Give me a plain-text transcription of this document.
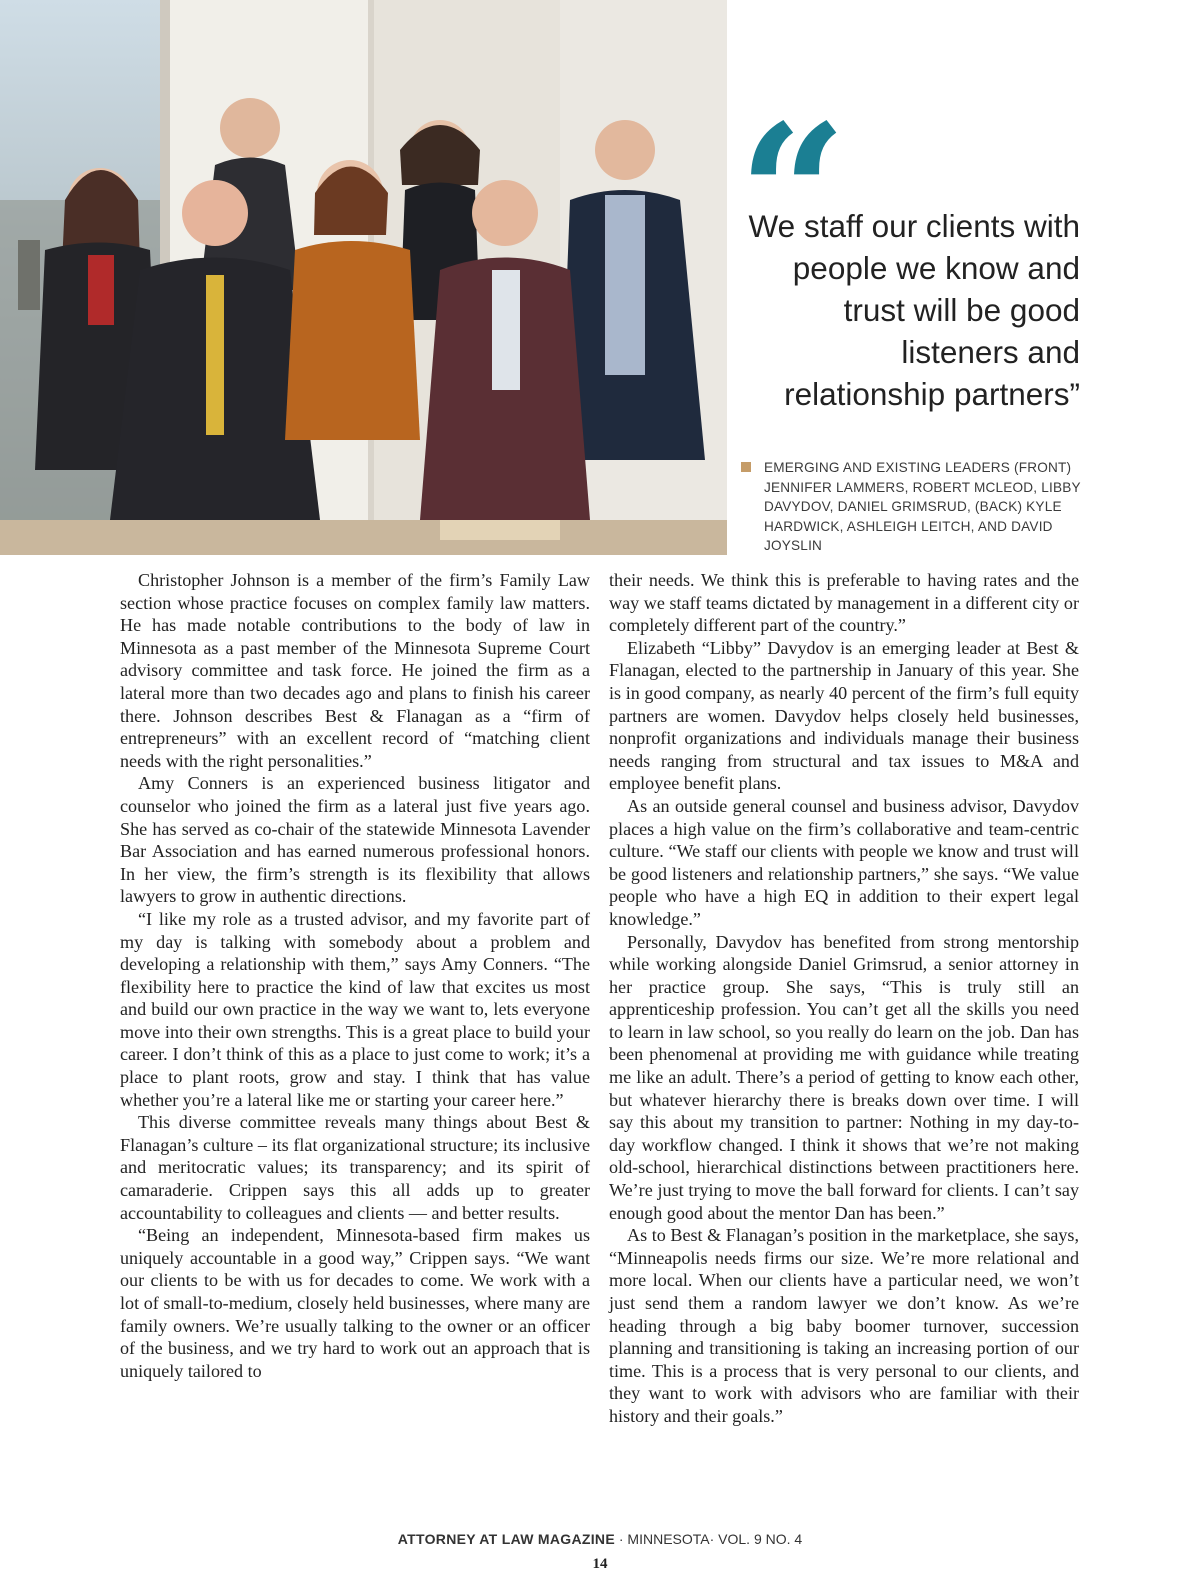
“
We staff our clients with people we know and trust will be good listeners and relationship partners”
EMERGING AND EXISTING LEADERS (FRONT) JENNIFER LAMMERS, ROBERT MCLEOD, LIBBY DAVYDOV, DANIEL GRIMSRUD, (BACK) KYLE HARDWICK, ASHLEIGH LEITCH, AND DAVID JOYSLIN

Christopher Johnson is a member of the firm’s Family Law section whose practice focuses on complex family law matters. He has made notable contributions to the body of law in Minnesota as a past member of the Minnesota Supreme Court advisory committee and task force. He joined the firm as a lateral more than two decades ago and plans to finish his career there. Johnson describes Best & Flanagan as a “firm of entrepreneurs” with an excellent record of “matching client needs with the right personalities.”

Amy Conners is an experienced business litigator and counselor who joined the firm as a lateral just five years ago. She has served as co-chair of the statewide Minnesota Lavender Bar Association and has earned numerous professional honors. In her view, the firm’s strength is its flexibility that allows lawyers to grow in authentic directions.

“I like my role as a trusted advisor, and my favorite part of my day is talking with somebody about a problem and developing a relationship with them,” says Amy Conners. “The flexibility here to practice the kind of law that excites us most and build our own practice in the way we want to, lets everyone move into their own strengths. This is a great place to build your career. I don’t think of this as a place to just come to work; it’s a place to plant roots, grow and stay. I think that has value whether you’re a lateral like me or starting your career here.”

This diverse committee reveals many things about Best & Flanagan’s culture – its flat organizational structure; its inclusive and meritocratic values; its transparency; and its spirit of camaraderie. Crippen says this all adds up to greater accountability to colleagues and clients — and better results.

“Being an independent, Minnesota-based firm makes us uniquely accountable in a good way,” Crippen says. “We want our clients to be with us for decades to come. We work with a lot of small-to-medium, closely held businesses, where many are family owners. We’re usually talking to the owner or an officer of the business, and we try hard to work out an approach that is uniquely tailored to

their needs. We think this is preferable to having rates and the way we staff teams dictated by management in a different city or completely different part of the country.”

Elizabeth “Libby” Davydov is an emerging leader at Best & Flanagan, elected to the partnership in January of this year. She is in good company, as nearly 40 percent of the firm’s full equity partners are women. Davydov helps closely held businesses, nonprofit organizations and individuals manage their business needs ranging from structural and tax issues to M&A and employee benefit plans.

As an outside general counsel and business advisor, Davydov places a high value on the firm’s collaborative and team-centric culture. “We staff our clients with people we know and trust will be good listeners and relationship partners,” she says. “We value people who have a high EQ in addition to their expert legal knowledge.”

Personally, Davydov has benefited from strong mentorship while working alongside Daniel Grimsrud, a senior attorney in her practice group. She says, “This is truly still an apprenticeship profession. You can’t get all the skills you need to learn in law school, so you really do learn on the job. Dan has been phenomenal at providing me with guidance while treating me like an adult. There’s a period of getting to know each other, but whatever hierarchy there is breaks down over time. I will say this about my transition to partner: Nothing in my day-to-day workflow changed. I think it shows that we’re not making old-school, hierarchical distinctions between practitioners here. We’re just trying to move the ball forward for clients. I can’t say enough good about the mentor Dan has been.”

As to Best & Flanagan’s position in the marketplace, she says, “Minneapolis needs firms our size. We’re more relational and more local. When our clients have a particular need, we won’t just send them a random lawyer we don’t know. As we’re heading through a big baby boomer turnover, succession planning and transitioning is taking an increasing portion of our time. This is a process that is very personal to our clients, and they want to work with advisors who are familiar with their history and their goals.”

ATTORNEY AT LAW MAGAZINE · MINNESOTA· VOL. 9 NO. 4
14
